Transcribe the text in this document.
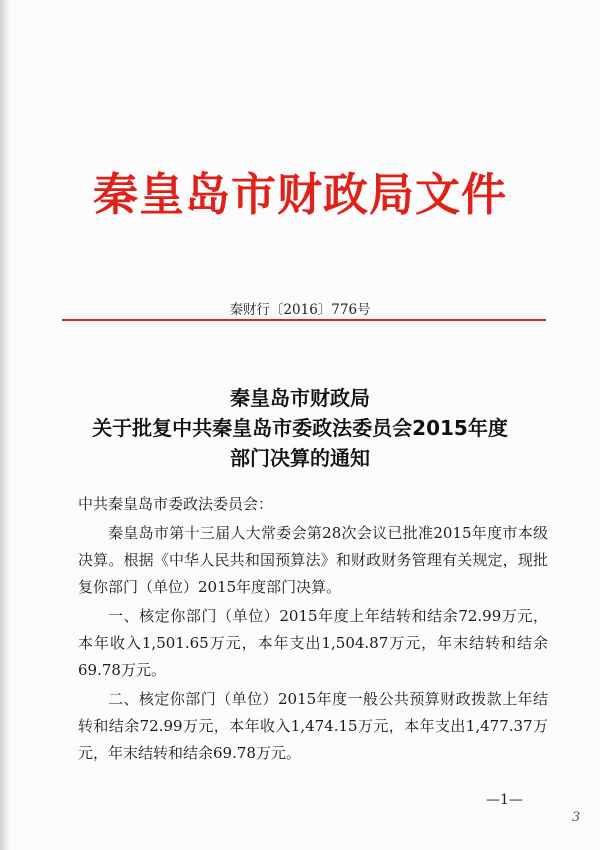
秦皇岛市财政局文件
秦财行〔2016〕776号
秦皇岛市财政局
关于批复中共秦皇岛市委政法委员会2015年度
部门决算的通知
中共秦皇岛市委政法委员会：

秦皇岛市第十三届人大常委会第28次会议已批准2015年度市本级决算。根据《中华人民共和国预算法》和财政财务管理有关规定，现批复你部门（单位）2015年度部门决算。

一、核定你部门（单位）2015年度上年结转和结余72.99万元，本年收入1,501.65万元，本年支出1,504.87万元，年末结转和结余69.78万元。

二、核定你部门（单位）2015年度一般公共预算财政拨款上年结转和结余72.99万元，本年收入1,474.15万元，本年支出1,477.37万元，年末结转和结余69.78万元。

—1—
3
